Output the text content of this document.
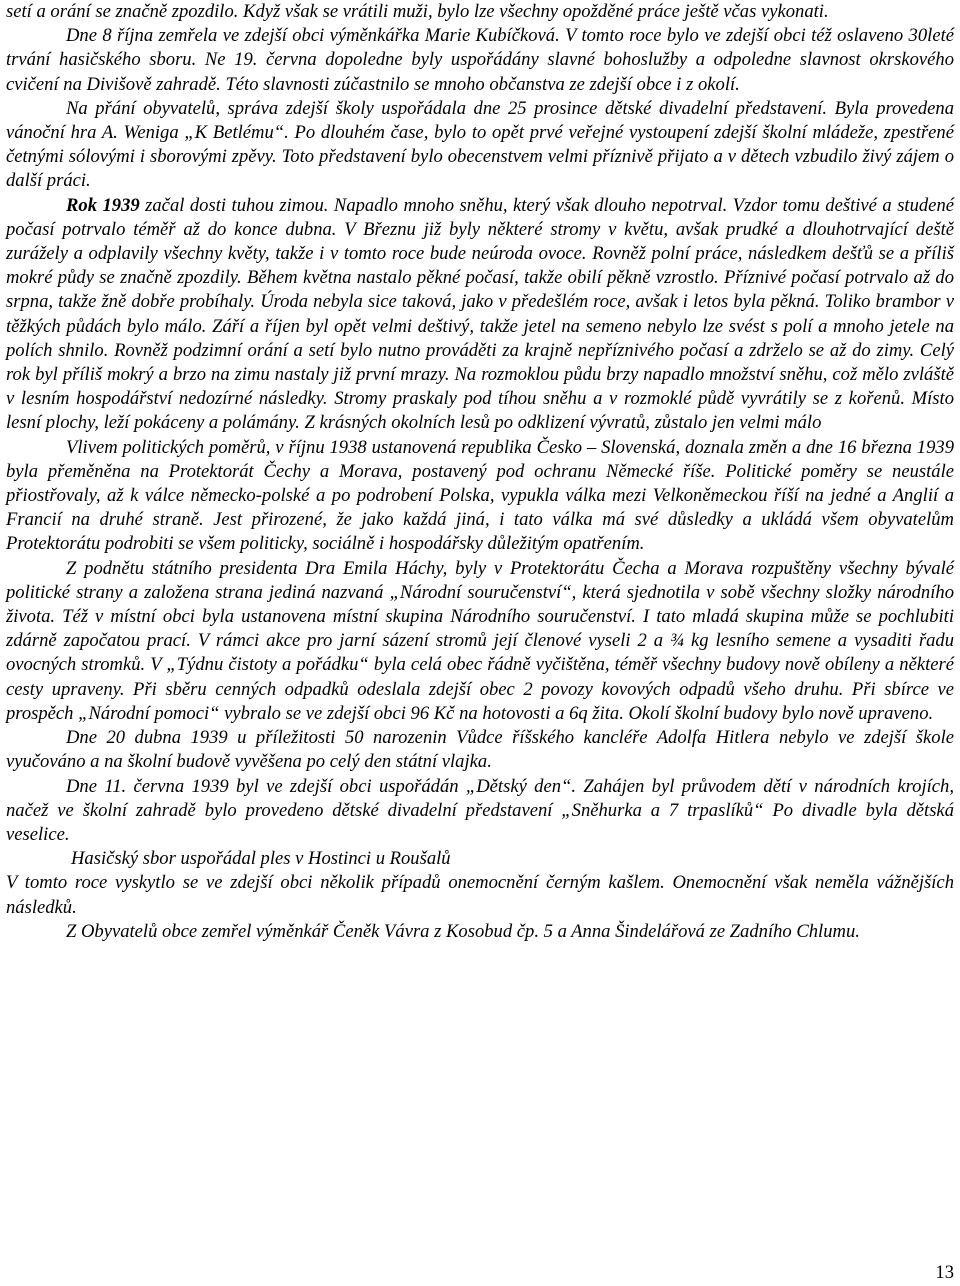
setí a orání se značně zpozdilo. Když však se vrátili muži, bylo lze všechny opožděné práce ještě včas vykonati.

Dne 8 října zemřela ve zdejší obci výměnkářka Marie Kubíčková. V tomto roce bylo ve zdejší obci též oslaveno 30leté trvání hasičského sboru. Ne 19. června dopoledne byly uspořádány slavné bohoslužby a odpoledne slavnost okrskového cvičení na Divišově zahradě. Této slavnosti zúčastnilo se mnoho občanstva ze zdejší obce i z okolí.

Na přání obyvatelů, správa zdejší školy uspořádala dne 25 prosince dětské divadelní představení. Byla provedena vánoční hra A. Weniga „K Betlému“. Po dlouhém čase, bylo to opět prvé veřejné vystoupení zdejší školní mládeže, zpestřené četnými sólovými i sborovými zpěvy. Toto představení bylo obecenstvem velmi příznivě přijato a v dětech vzbudilo živý zájem o další práci.

Rok 1939 začal dosti tuhou zimou. Napadlo mnoho sněhu, který však dlouho nepotrval. Vzdor tomu deštivé a studené počasí potrvalo téměř až do konce dubna. V Březnu již byly některé stromy v květu, avšak prudké a dlouhotrvající deště zurážely a odplavily všechny květy, takže i v tomto roce bude neúroda ovoce. Rovněž polní práce, následkem dešťů se a příliš mokré půdy se značně zpozdily. Během května nastalo pěkné počasí, takže obilí pěkně vzrostlo. Příznivé počasí potrvalo až do srpna, takže žně dobře probíhaly. Úroda nebyla sice taková, jako v předešlém roce, avšak i letos byla pěkná. Toliko brambor v těžkých půdách bylo málo. Září a říjen byl opět velmi deštivý, takže jetel na semeno nebylo lze svést s polí a mnoho jetele na polích shnilo. Rovněž podzimní orání a setí bylo nutno prováděti za krajně nepříznivého počasí a zdrželo se až do zimy. Celý rok byl příliš mokrý a brzo na zimu nastaly již první mrazy. Na rozmoklou půdu brzy napadlo množství sněhu, což mělo zvláště v lesním hospodářství nedozírné následky. Stromy praskaly pod tíhou sněhu a v rozmoklé půdě vyvrátily se z kořenů. Místo lesní plochy, leží pokáceny a polámány. Z krásných okolních lesů po odklizení vývratů, zůstalo jen velmi málo

Vlivem politických poměrů, v říjnu 1938 ustanovená republika Česko – Slovenská, doznala změn a dne 16 března 1939 byla přeměněna na Protektorát Čechy a Morava, postavený pod ochranu Německé říše. Politické poměry se neustále přiostřovaly, až k válce německo-polské a po podrobení Polska, vypukla válka mezi Velkoněmeckou říší na jedné a Anglií a Francií na druhé straně. Jest přirozené, že jako každá jiná, i tato válka má své důsledky a ukládá všem obyvatelům Protektorátu podrobiti se všem politicky, sociálně i hospodářsky důležitým opatřením.

Z podnětu státního presidenta Dra Emila Háchy, byly v Protektorátu Čecha a Morava rozpuštěny všechny bývalé politické strany a založena strana jediná nazvaná „Národní souručenství“, která sjednotila v sobě všechny složky národního života. Též v místní obci byla ustanovena místní skupina Národního souručenství. I tato mladá skupina může se pochlubiti zdárně započatou prací. V rámci akce pro jarní sázení stromů její členové vyseli 2 a ¾ kg lesního semene a vysaditi řadu ovocných stromků. V „Týdnu čistoty a pořádku“ byla celá obec řádně vyčištěna, téměř všechny budovy nově obíleny a některé cesty upraveny. Při sběru cenných odpadků odeslala zdejší obec 2 povozy kovových odpadů všeho druhu. Při sbírce ve prospěch „Národní pomoci“ vybralo se ve zdejší obci 96 Kč na hotovosti a 6q žita. Okolí školní budovy bylo nově upraveno.

Dne 20 dubna 1939 u příležitosti 50 narozenin Vůdce říšského kancléře Adolfa Hitlera nebylo ve zdejší škole vyučováno a na školní budově vyvěšena po celý den státní vlajka.

Dne 11. června 1939 byl ve zdejší obci uspořádán „Dětský den“. Zahájen byl průvodem dětí v národních krojích, načež ve školní zahradě bylo provedeno dětské divadelní představení „Sněhurka a 7 trpaslíků“ Po divadle byla dětská veselice.

Hasičský sbor uspořádal ples v Hostinci u Roušalů

V tomto roce vyskytlo se ve zdejší obci několik případů onemocnění černým kašlem. Onemocnění však neměla vážnějších následků.

Z Obyvatelů obce zemřel výměnkář Čeněk Vávra z Kosobud čp. 5 a Anna Šindelářová ze Zadního Chlumu.

13
